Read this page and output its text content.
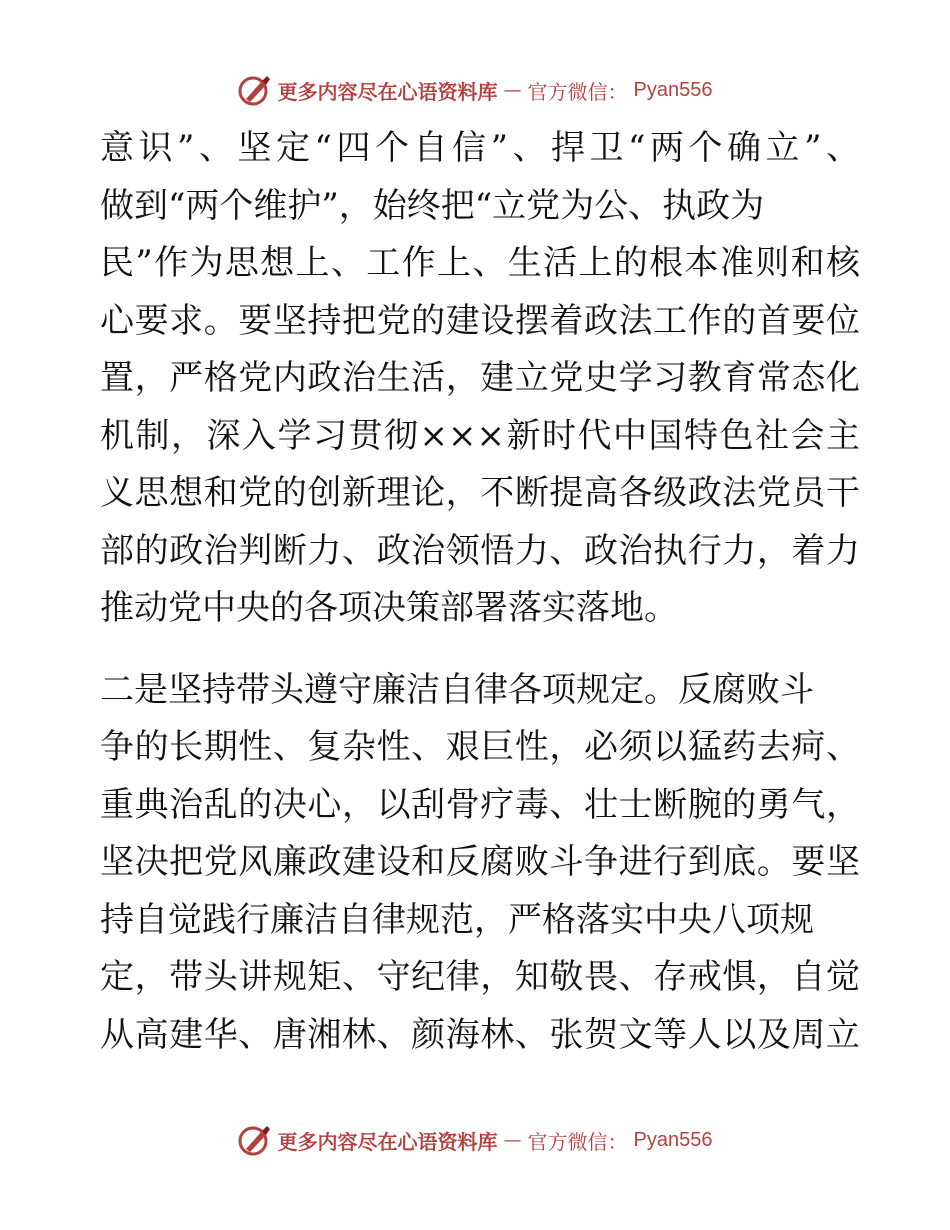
更多内容尽在心语资料库 — 官方微信： Pyan556
意识”、坚定“四个自信”、捍卫“两个确立”、
做到“两个维护”，始终把“立党为公、执政为
民”作为思想上、工作上、生活上的根本准则和核
心要求。要坚持把党的建设摆着政法工作的首要位
置，严格党内政治生活，建立党史学习教育常态化
机制，深入学习贯彻×××新时代中国特色社会主
义思想和党的创新理论，不断提高各级政法党员干
部的政治判断力、政治领悟力、政治执行力，着力
推动党中央的各项决策部署落实落地。
二是坚持带头遵守廉洁自律各项规定。反腐败斗
争的长期性、复杂性、艰巨性，必须以猛药去疴、
重典治乱的决心，以刮骨疗毒、壮士断腕的勇气，
坚决把党风廉政建设和反腐败斗争进行到底。要坚
持自觉践行廉洁自律规范，严格落实中央八项规
定，带头讲规矩、守纪律，知敬畏、存戒惧，自觉
从高建华、唐湘林、颜海林、张贺文等人以及周立
更多内容尽在心语资料库 — 官方微信： Pyan556
